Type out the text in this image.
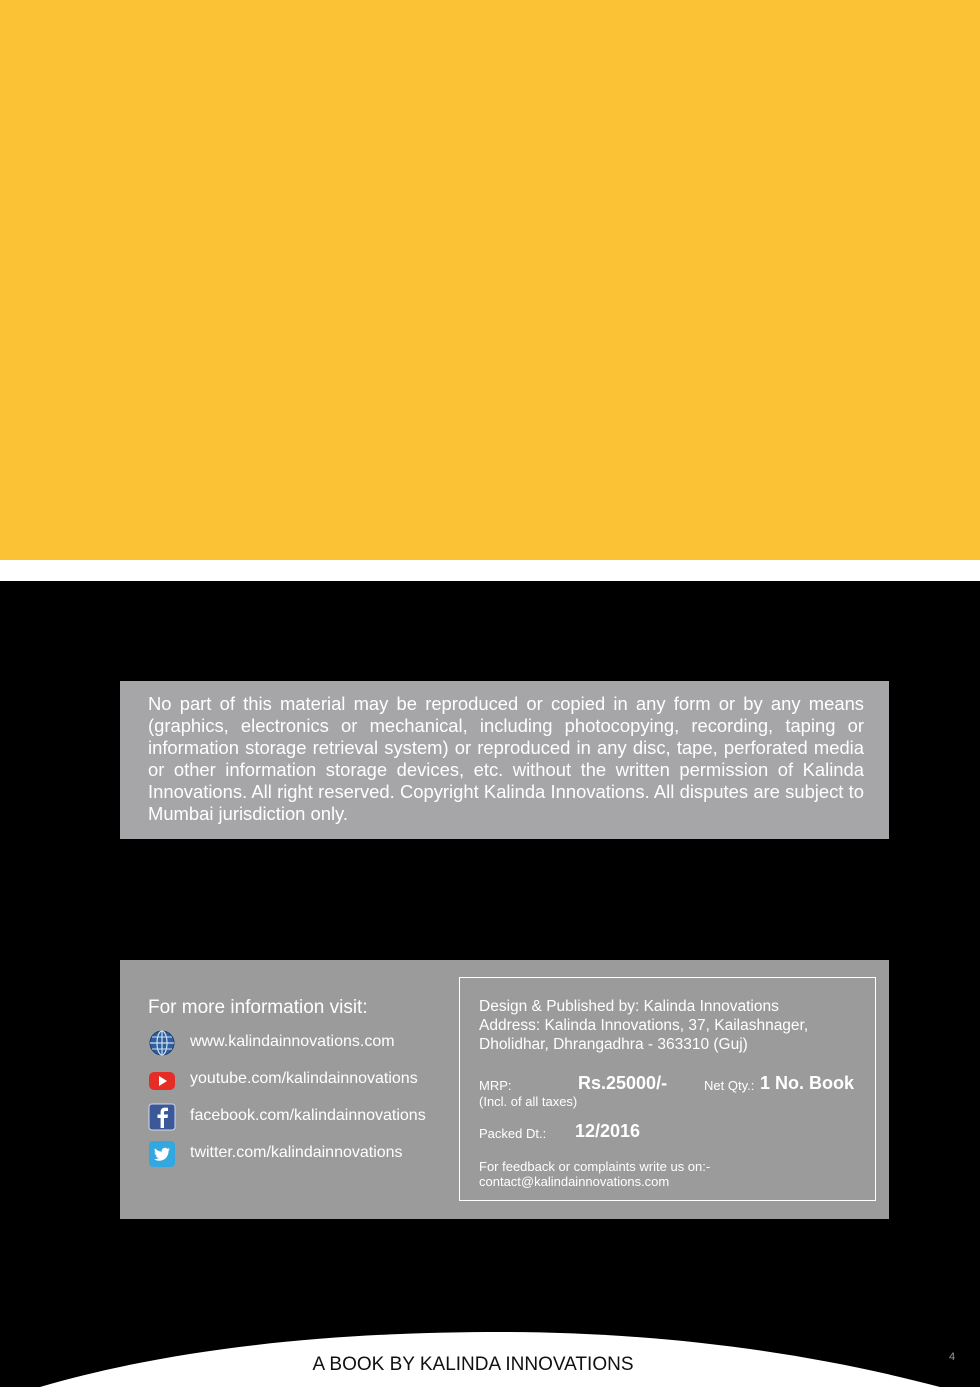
No part of this material may be reproduced or copied in any form or by any means (graphics, electronics or mechanical, including photocopying, recording, taping or information storage retrieval system) or reproduced in any disc, tape, perforated media or other information storage devices, etc. without the written permission of Kalinda Innovations. All right reserved. Copyright Kalinda Innovations. All disputes are subject to Mumbai jurisdiction only.

For more information visit:
www.kalindainnovations.com
youtube.com/kalindainnovations
facebook.com/kalindainnovations
twitter.com/kalindainnovations
Design & Published by: Kalinda Innovations
Address: Kalinda Innovations, 37, Kailashnager,
Dholidhar, Dhrangadhra - 363310 (Guj)
MRP:	Rs.25000/-	Net Qty.: 1 No. Book
(Incl. of all taxes)
Packed Dt.: 12/2016
For feedback or complaints write us on:-
contact@kalindainnovations.com
A BOOK BY KALINDA INNOVATIONS	4
